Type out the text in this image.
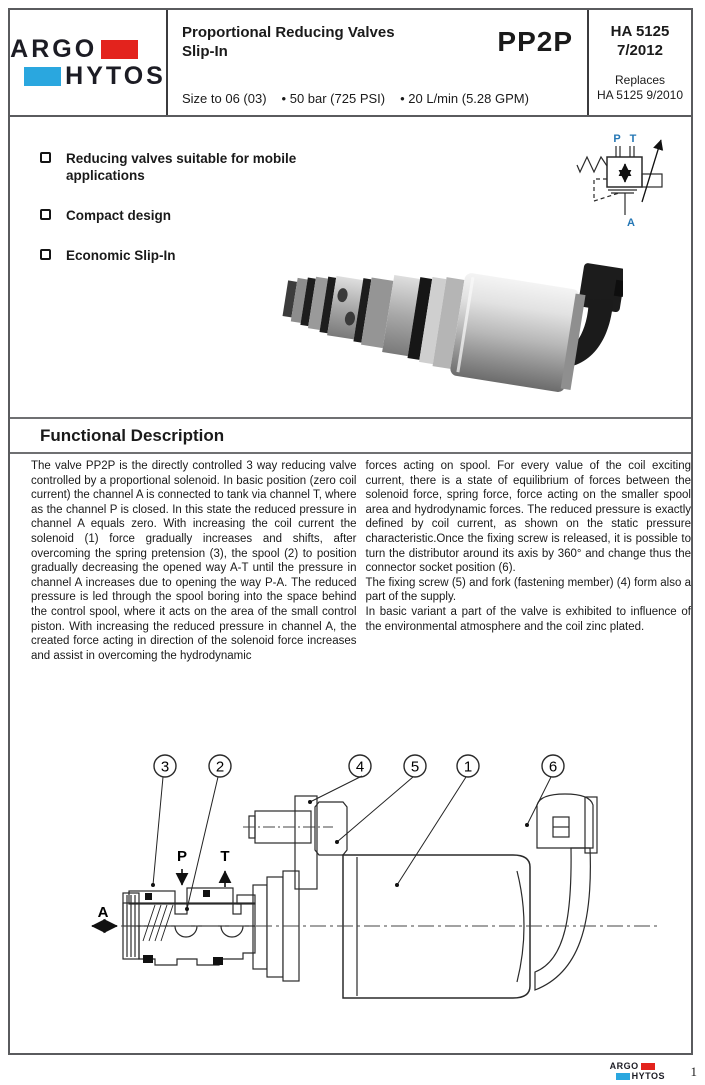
ARGO
HYTOS
Proportional Reducing Valves
Slip-In	PP2P
Size to 06 (03) • 50 bar (725 PSI) • 20 L/min (5.28 GPM)
HA 5125
7/2012
Replaces
HA 5125 9/2010
Reducing valves suitable for mobile applications
Compact design
Economic Slip-In
P T
A
Functional Description

The valve PP2P is the directly controlled 3 way reducing valve controlled by a proportional solenoid. In basic position (zero coil current) the channel A is connected to tank via channel T, where as the channel P is closed. In this state the reduced pressure in channel A equals zero. With increasing the coil current the solenoid (1) force gradually increases and shifts, after overcoming the spring pretension (3), the spool (2) to position gradually decreasing the opened way A-T until the pressure in channel A increases due to opening the way P-A. The reduced pressure is led through the spool boring into the space behind the control spool, where it acts on the area of the small control piston. With increasing the reduced pressure in channel A, the created force acting in direction of the solenoid force increases and assist in overcoming the hydrodynamic

forces acting on spool. For every value of the coil exciting current, there is a state of equilibrium of forces between the solenoid force, spring force, force acting on the smaller spool area and hydrodynamic forces. The reduced pressure is exactly defined by coil current, as shown on the static pressure characteristic.Once the fixing screw is released, it is possible to turn the distributor around its axis by 360° and change thus the connector socket position (6).

The fixing screw (5) and fork (fastening member) (4) form also a part of the supply.

In basic variant a part of the valve is exhibited to influence of the environmental atmosphere and the coil zinc plated.

P T
A
3	2	4	5	1	6
ARGO
HYTOS 1
